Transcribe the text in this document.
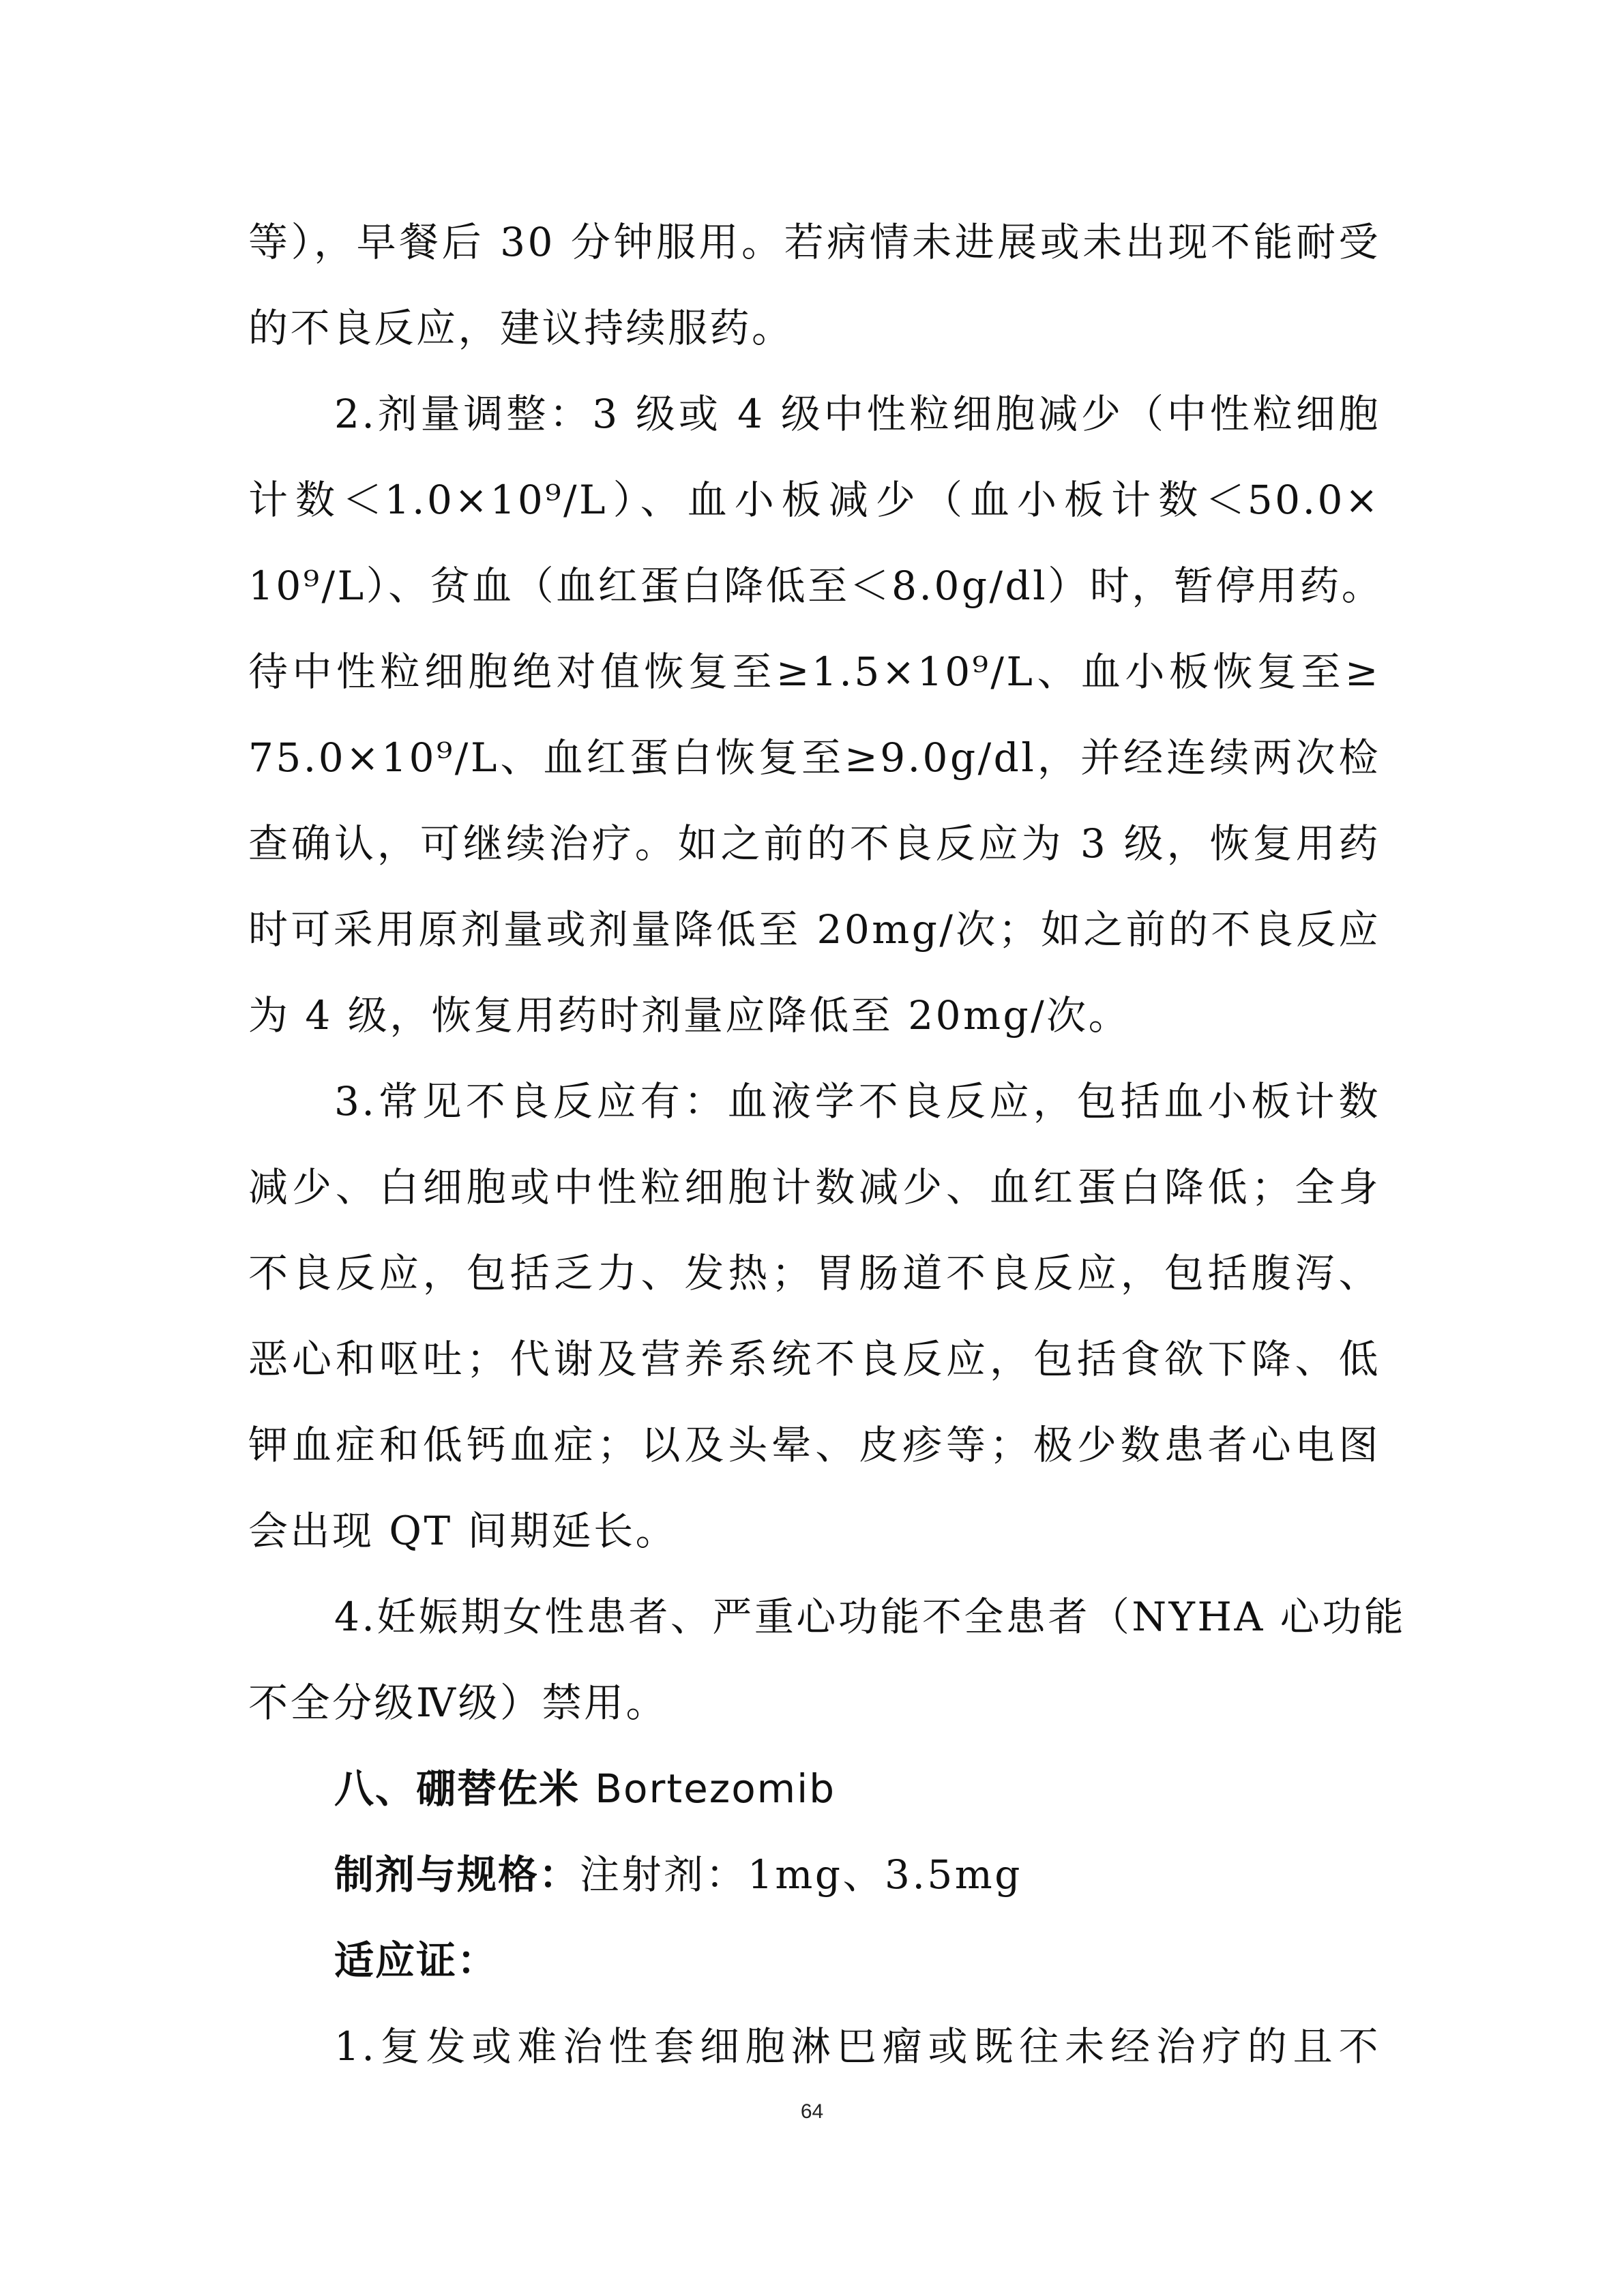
等），早餐后 30 分钟服用。若病情未进展或未出现不能耐受
的不良反应，建议持续服药。
2.剂量调整：3 级或 4 级中性粒细胞减少（中性粒细胞
计数＜1.0×10⁹/L）、血小板减少（血小板计数＜50.0×
10⁹/L）、贫血（血红蛋白降低至＜8.0g/dl）时，暂停用药。
待中性粒细胞绝对值恢复至≥1.5×10⁹/L、血小板恢复至≥
75.0×10⁹/L、血红蛋白恢复至≥9.0g/dl，并经连续两次检
查确认，可继续治疗。如之前的不良反应为 3 级，恢复用药
时可采用原剂量或剂量降低至 20mg/次；如之前的不良反应
为 4 级，恢复用药时剂量应降低至 20mg/次。
3.常见不良反应有：血液学不良反应，包括血小板计数
减少、白细胞或中性粒细胞计数减少、血红蛋白降低；全身
不良反应，包括乏力、发热；胃肠道不良反应，包括腹泻、
恶心和呕吐；代谢及营养系统不良反应，包括食欲下降、低
钾血症和低钙血症；以及头晕、皮疹等；极少数患者心电图
会出现 QT 间期延长。
4.妊娠期女性患者、严重心功能不全患者（NYHA 心功能
不全分级Ⅳ级）禁用。
八、硼替佐米 Bortezomib
制剂与规格：注射剂：1mg、3.5mg
适应证：
1.复发或难治性套细胞淋巴瘤或既往未经治疗的且不
64
